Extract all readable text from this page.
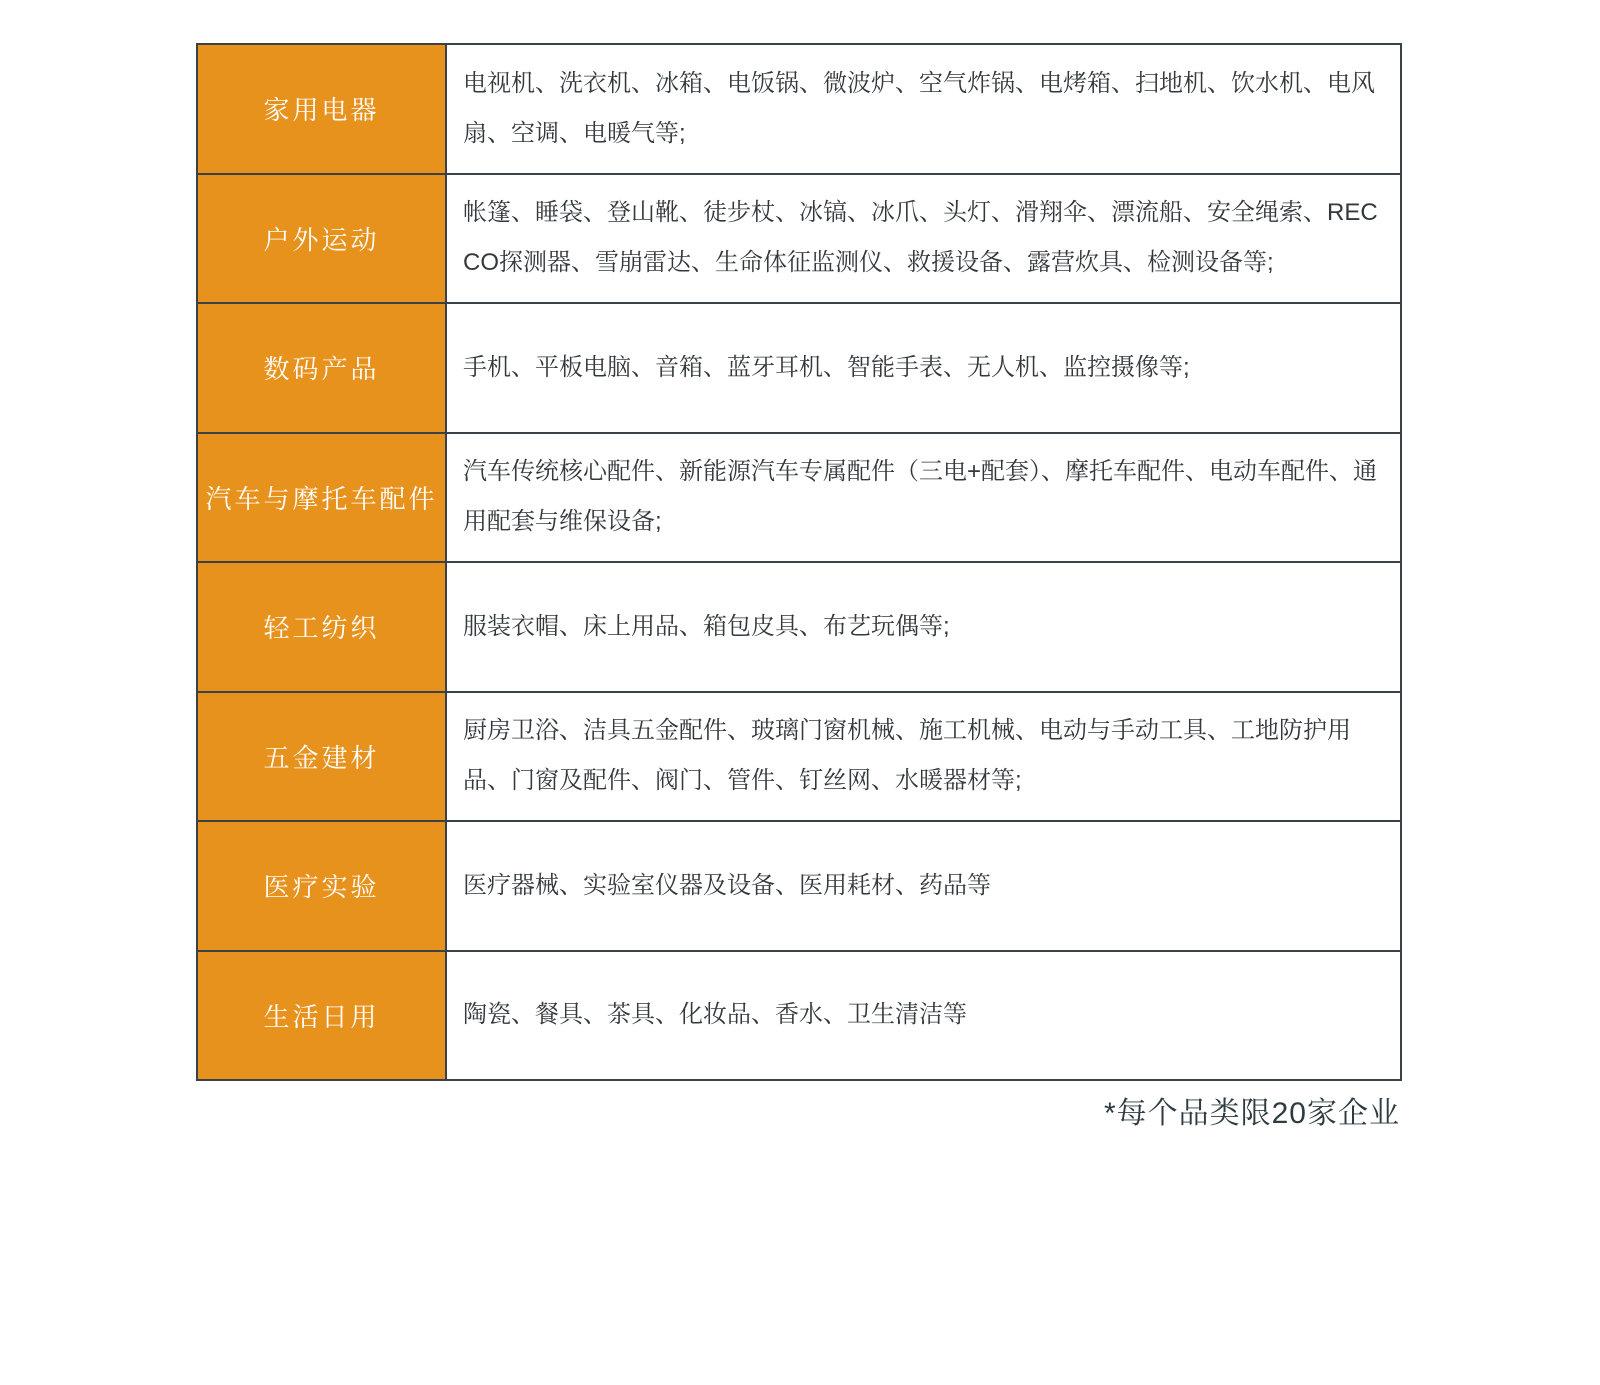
家用电器	电视机、洗衣机、冰箱、电饭锅、微波炉、空气炸锅、电烤箱、扫地机、饮水机、电风扇、空调、电暖气等;
户外运动	帐篷、睡袋、登山靴、徒步杖、冰镐、冰爪、头灯、滑翔伞、漂流船、安全绳索、RECCO探测器、雪崩雷达、生命体征监测仪、救援设备、露营炊具、检测设备等;
数码产品	手机、平板电脑、音箱、蓝牙耳机、智能手表、无人机、监控摄像等;
汽车与摩托车配件	汽车传统核心配件、新能源汽车专属配件（三电+配套）、摩托车配件、电动车配件、通用配套与维保设备;
轻工纺织	服装衣帽、床上用品、箱包皮具、布艺玩偶等;
五金建材	厨房卫浴、洁具五金配件、玻璃门窗机械、施工机械、电动与手动工具、工地防护用品、门窗及配件、阀门、管件、钉丝网、水暖器材等;
医疗实验	医疗器械、实验室仪器及设备、医用耗材、药品等
生活日用	陶瓷、餐具、茶具、化妆品、香水、卫生清洁等
*每个品类限20家企业
